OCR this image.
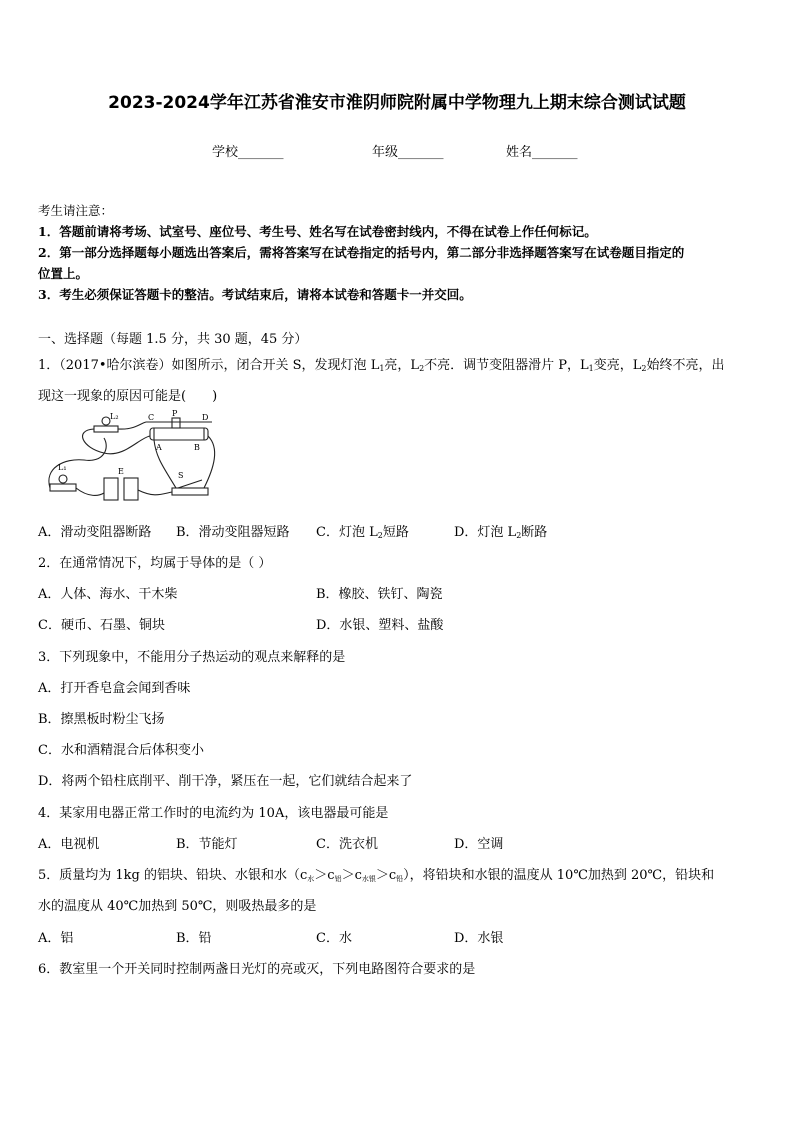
2023-2024学年江苏省淮安市淮阴师院附属中学物理九上期末综合测试试题
学校_______	年级_______	姓名_______
考生请注意：
1．答题前请将考场、试室号、座位号、考生号、姓名写在试卷密封线内，不得在试卷上作任何标记。
2．第一部分选择题每小题选出答案后，需将答案写在试卷指定的括号内，第二部分非选择题答案写在试卷题目指定的
位置上。
3．考生必须保证答题卡的整洁。考试结束后，请将本试卷和答题卡一并交回。
一、选择题（每题 1.5 分，共 30 题，45 分）
1．（2017•哈尔滨卷）如图所示，闭合开关 S，发现灯泡 $L_1$亮，$L_2$不亮．调节变阻器滑片 P，$L_1$变亮，$L_2$始终不亮，出
现这一现象的原因可能是(　　)
L₂	C P	D
A	B
L₁	E	S
A．滑动变阻器断路 B．滑动变阻器短路 C．灯泡 $L_2$短路	D．灯泡 $L_2$断路
2．在通常情况下，均属于导体的是（ ）
A．人体、海水、干木柴	B．橡胶、铁钉、陶瓷
C．硬币、石墨、铜块	D．水银、塑料、盐酸
3．下列现象中，不能用分子热运动的观点来解释的是
A．打开香皂盒会闻到香味
B．擦黑板时粉尘飞扬
C．水和酒精混合后体积变小
D．将两个铅柱底削平、削干净，紧压在一起，它们就结合起来了
4．某家用电器正常工作时的电流约为 10A，该电器最可能是
A．电视机	B．节能灯	C．洗衣机	D．空调
5．质量均为 1kg 的铝块、铅块、水银和水（c水＞c铝＞c水银＞c铅），将铅块和水银的温度从 10℃加热到 20℃，铅块和
水的温度从 40℃加热到 50℃，则吸热最多的是
A．铝	B．铅	C．水	D．水银
6．教室里一个开关同时控制两盏日光灯的亮或灭，下列电路图符合要求的是
